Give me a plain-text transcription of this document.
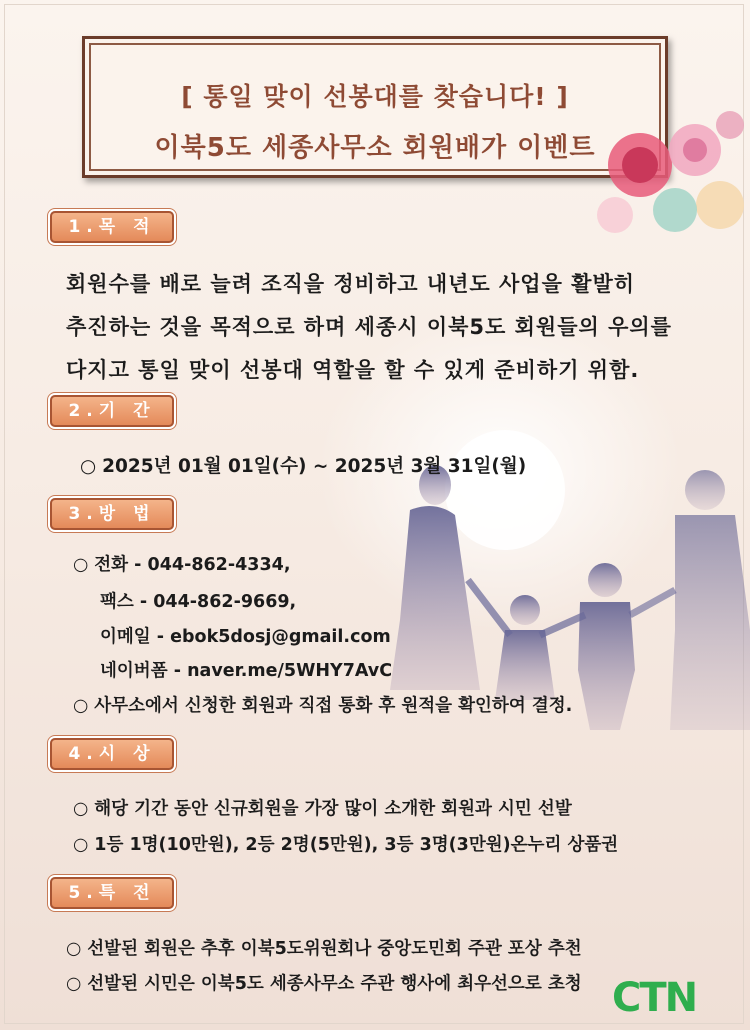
[ 통일 맞이 선봉대를 찾습니다! ]
이북5도 세종사무소 회원배가 이벤트
1.목 적
회원수를 배로 늘려 조직을 정비하고 내년도 사업을 활발히
추진하는 것을 목적으로 하며 세종시 이북5도 회원들의 우의를
다지고 통일 맞이 선봉대 역할을 할 수 있게 준비하기 위함.
2.기 간
○ 2025년 01월 01일(수) ~ 2025년 3월 31일(월)
3.방 법
○ 전화 - 044-862-4334,
팩스 - 044-862-9669,
이메일 - ebok5dosj@gmail.com
네이버폼 - naver.me/5WHY7AvC
○ 사무소에서 신청한 회원과 직접 통화 후 원적을 확인하여 결정.
4.시 상
○ 해당 기간 동안 신규회원을 가장 많이 소개한 회원과 시민 선발
○ 1등 1명(10만원), 2등 2명(5만원), 3등 3명(3만원)온누리 상품권
5.특 전
○ 선발된 회원은 추후 이북5도위원회나 중앙도민회 주관 포상 추천
○ 선발된 시민은 이북5도 세종사무소 주관 행사에 최우선으로 초청 CTN
